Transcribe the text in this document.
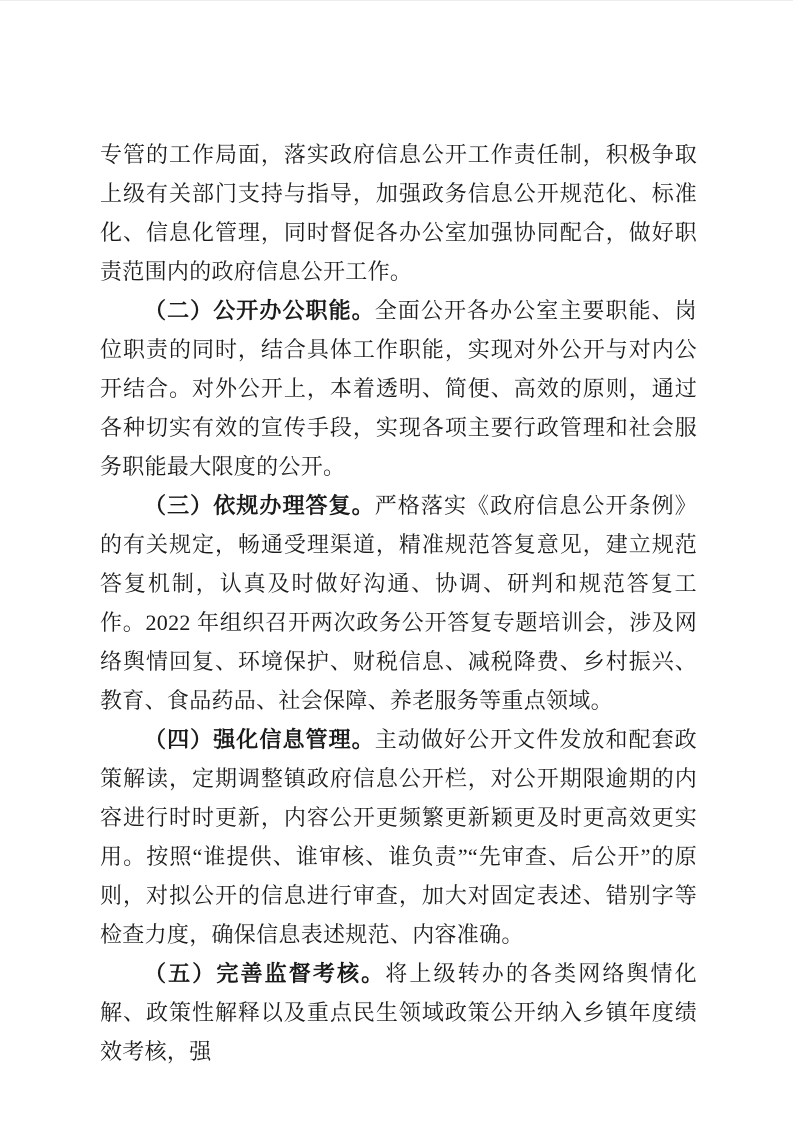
专管的工作局面，落实政府信息公开工作责任制，积极争取上级有关部门支持与指导，加强政务信息公开规范化、标准化、信息化管理，同时督促各办公室加强协同配合，做好职责范围内的政府信息公开工作。

（二）公开办公职能。全面公开各办公室主要职能、岗位职责的同时，结合具体工作职能，实现对外公开与对内公开结合。对外公开上，本着透明、简便、高效的原则，通过各种切实有效的宣传手段，实现各项主要行政管理和社会服务职能最大限度的公开。

（三）依规办理答复。严格落实《政府信息公开条例》的有关规定，畅通受理渠道，精准规范答复意见，建立规范答复机制，认真及时做好沟通、协调、研判和规范答复工作。2022 年组织召开两次政务公开答复专题培训会，涉及网络舆情回复、环境保护、财税信息、减税降费、乡村振兴、教育、食品药品、社会保障、养老服务等重点领域。

（四）强化信息管理。主动做好公开文件发放和配套政策解读，定期调整镇政府信息公开栏，对公开期限逾期的内容进行时时更新，内容公开更频繁更新颖更及时更高效更实用。按照“谁提供、谁审核、谁负责”“先审查、后公开”的原则，对拟公开的信息进行审查，加大对固定表述、错别字等检查力度，确保信息表述规范、内容准确。

（五）完善监督考核。将上级转办的各类网络舆情化解、政策性解释以及重点民生领域政策公开纳入乡镇年度绩效考核，强
